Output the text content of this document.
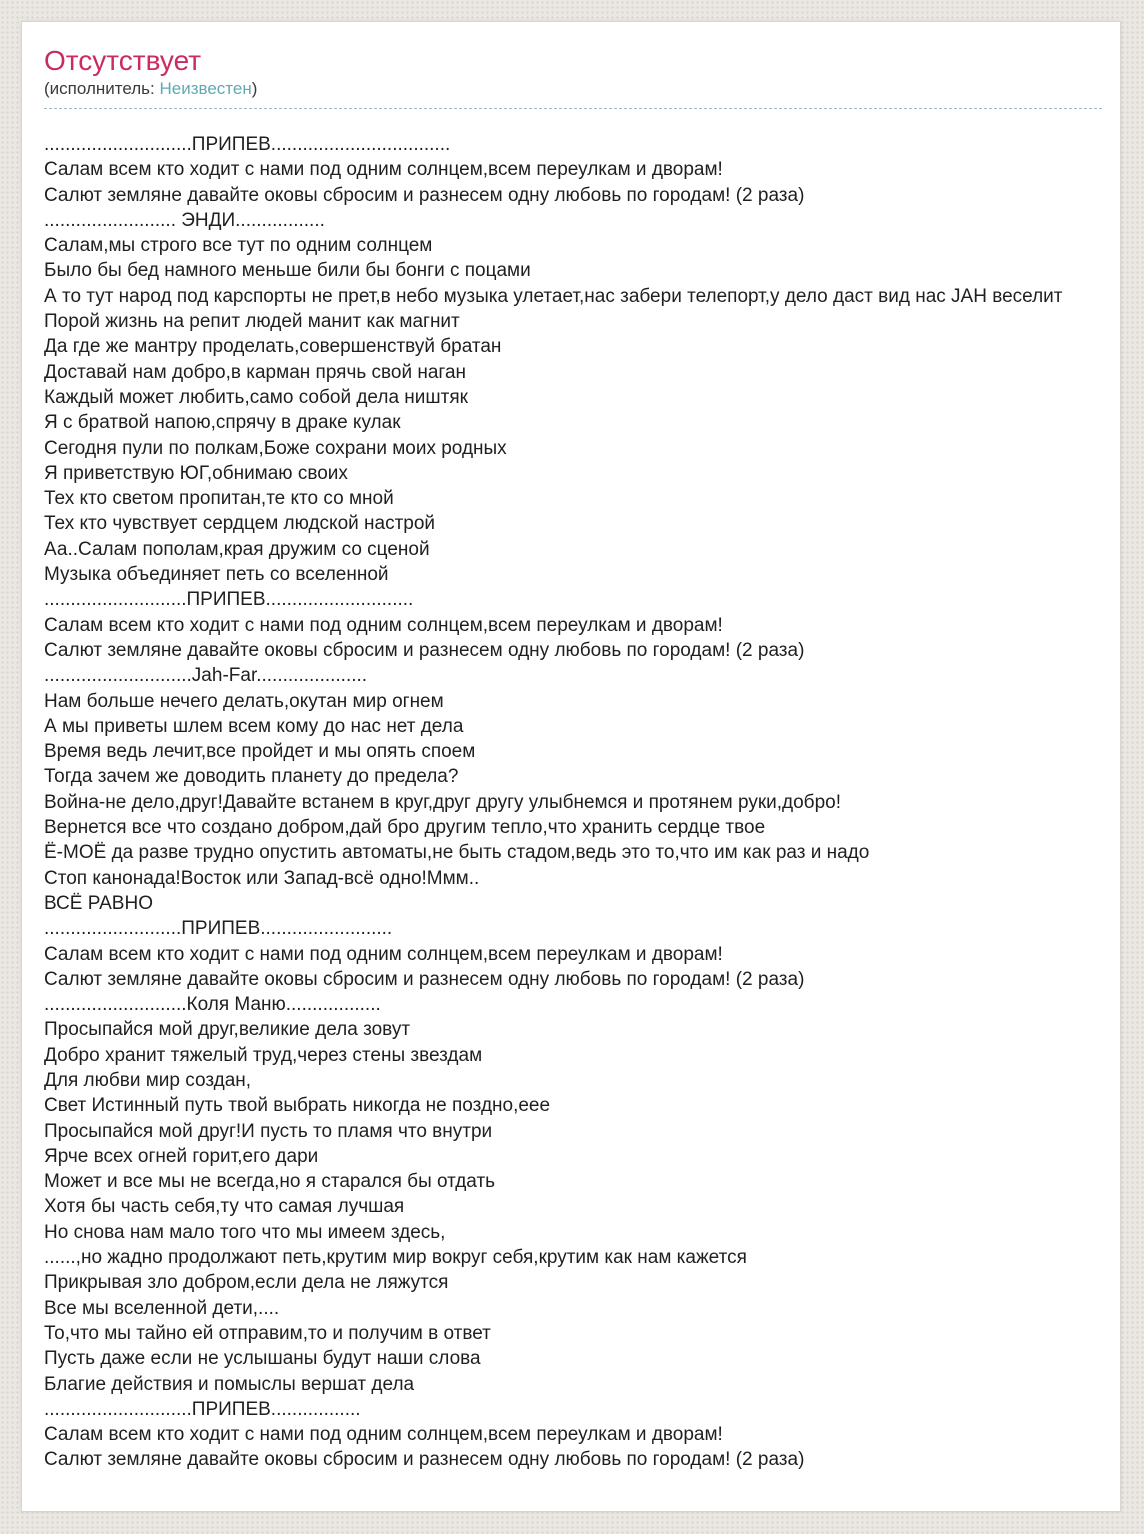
Отсутствует
(исполнитель: Неизвестен)
............................ПРИПЕВ..................................
Салам всем кто ходит с нами под одним солнцем,всем переулкам и дворам!
Салют земляне давайте оковы сбросим и разнесем одну любовь по городам! (2 раза)
......................... ЭНДИ.................
Салам,мы строго все тут по одним солнцем
Было бы бед намного меньше били бы бонги с поцами
А то тут народ под карспорты не прет,в небо музыка улетает,нас забери телепорт,у дело даст вид нас JAH веселит
Порой жизнь на репит людей манит как магнит
Да где же мантру проделать,совершенствуй братан
Доставай нам добро,в карман прячь свой наган
Каждый может любить,само собой дела ништяк
Я с братвой напою,спрячу в драке кулак
Сегодня пули по полкам,Боже сохрани моих родных
Я приветствую ЮГ,обнимаю своих
Тех кто светом пропитан,те кто со мной
Тех кто чувствует сердцем людской настрой
Аа..Салам пополам,края дружим со сценой
Музыка объединяет петь со вселенной
...........................ПРИПЕВ............................
Салам всем кто ходит с нами под одним солнцем,всем переулкам и дворам!
Салют земляне давайте оковы сбросим и разнесем одну любовь по городам! (2 раза)
............................Jah-Far.....................
Нам больше нечего делать,окутан мир огнем
А мы приветы шлем всем кому до нас нет дела
Время ведь лечит,все пройдет и мы опять споем
Тогда зачем же доводить планету до предела?
Война-не дело,друг!Давайте встанем в круг,друг другу улыбнемся и протянем руки,добро!
Вернется все что создано добром,дай бро другим тепло,что хранить сердце твое
Ё-МОЁ да разве трудно опустить автоматы,не быть стадом,ведь это то,что им как раз и надо
Стоп канонада!Восток или Запад-всё одно!Ммм..
ВСЁ РАВНО
..........................ПРИПЕВ.........................
Салам всем кто ходит с нами под одним солнцем,всем переулкам и дворам!
Салют земляне давайте оковы сбросим и разнесем одну любовь по городам! (2 раза)
...........................Коля Маню..................
Просыпайся мой друг,великие дела зовут
Добро хранит тяжелый труд,через стены звездам
Для любви мир создан,
Свет Истинный путь твой выбрать никогда не поздно,еее
Просыпайся мой друг!И пусть то пламя что внутри
Ярче всех огней горит,его дари
Может и все мы не всегда,но я старался бы отдать
Хотя бы часть себя,ту что самая лучшая
Но снова нам мало того что мы имеем здесь,
......,но жадно продолжают петь,крутим мир вокруг себя,крутим как нам кажется
Прикрывая зло добром,если дела не ляжутся
Все мы вселенной дети,....
То,что мы тайно ей отправим,то и получим в ответ
Пусть даже если не услышаны будут наши слова
Благие действия и помыслы вершат дела
............................ПРИПЕВ.................
Салам всем кто ходит с нами под одним солнцем,всем переулкам и дворам!
Салют земляне давайте оковы сбросим и разнесем одну любовь по городам! (2 раза)
